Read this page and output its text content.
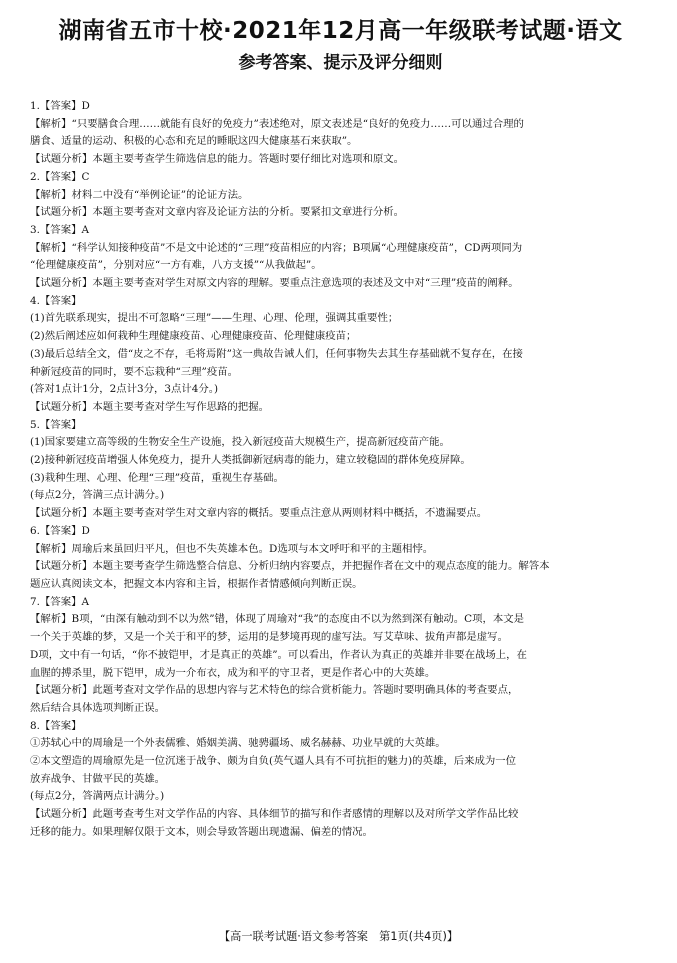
湖南省五市十校·2021年12月高一年级联考试题·语文
参考答案、提示及评分细则

1.【答案】D

【解析】“只要膳食合理……就能有良好的免疫力”表述绝对，原文表述是“良好的免疫力……可以通过合理的

膳食、适量的运动、积极的心态和充足的睡眠这四大健康基石来获取”。

【试题分析】本题主要考查学生筛选信息的能力。答题时要仔细比对选项和原文。

2.【答案】C

【解析】材料二中没有“举例论证”的论证方法。

【试题分析】本题主要考查对文章内容及论证方法的分析。要紧扣文章进行分析。

3.【答案】A

【解析】“科学认知接种疫苗”不是文中论述的“三理”疫苗相应的内容；B项属“心理健康疫苗”，CD两项同为

“伦理健康疫苗”，分别对应“一方有难，八方支援”“从我做起”。

【试题分析】本题主要考查对学生对原文内容的理解。要重点注意选项的表述及文中对“三理”疫苗的阐释。

4.【答案】

(1)首先联系现实，提出不可忽略“三理”——生理、心理、伦理，强调其重要性；

(2)然后阐述应如何栽种生理健康疫苗、心理健康疫苗、伦理健康疫苗；

(3)最后总结全文，借“皮之不存，毛将焉附”这一典故告诫人们，任何事物失去其生存基础就不复存在，在接

种新冠疫苗的同时，要不忘栽种“三理”疫苗。

(答对1点计1分，2点计3分，3点计4分。)

【试题分析】本题主要考查对学生写作思路的把握。

5.【答案】

(1)国家要建立高等级的生物安全生产设施，投入新冠疫苗大规模生产，提高新冠疫苗产能。

(2)接种新冠疫苗增强人体免疫力，提升人类抵御新冠病毒的能力，建立较稳固的群体免疫屏障。

(3)栽种生理、心理、伦理“三理”疫苗，重视生存基础。

(每点2分，答满三点计满分。)

【试题分析】本题主要考查对学生对文章内容的概括。要重点注意从两则材料中概括，不遗漏要点。

6.【答案】D

【解析】周瑜后来虽回归平凡，但也不失英雄本色。D选项与本文呼吁和平的主题相悖。

【试题分析】本题主要考查学生筛选整合信息、分析归纳内容要点，并把握作者在文中的观点态度的能力。解答本

题应认真阅读文本，把握文本内容和主旨，根据作者情感倾向判断正误。

7.【答案】A

【解析】B项，“由深有触动到不以为然”错，体现了周瑜对“我”的态度由不以为然到深有触动。C项，本文是

一个关于英雄的梦，又是一个关于和平的梦，运用的是梦境再现的虚写法。写艾草味、拔角声都是虚写。

D项，文中有一句话，“你不披铠甲，才是真正的英雄”。可以看出，作者认为真正的英雄并非要在战场上，在

血腥的搏杀里，脱下铠甲，成为一介布衣，成为和平的守卫者，更是作者心中的大英雄。

【试题分析】此题考查对文学作品的思想内容与艺术特色的综合赏析能力。答题时要明确具体的考查要点，

然后结合具体选项判断正误。

8.【答案】

①苏轼心中的周瑜是一个外表儒雅、婚姻美满、驰骋疆场、威名赫赫、功业早就的大英雄。

②本文塑造的周瑜原先是一位沉迷于战争、颇为自负(英气逼人具有不可抗拒的魅力)的英雄，后来成为一位

放弃战争、甘做平民的英雄。

(每点2分，答满两点计满分。)

【试题分析】此题考查考生对文学作品的内容、具体细节的描写和作者感情的理解以及对所学文学作品比较

迁移的能力。如果理解仅限于文本，则会导致答题出现遗漏、偏差的情况。

【高一联考试题·语文参考答案　第1页(共4页)】
